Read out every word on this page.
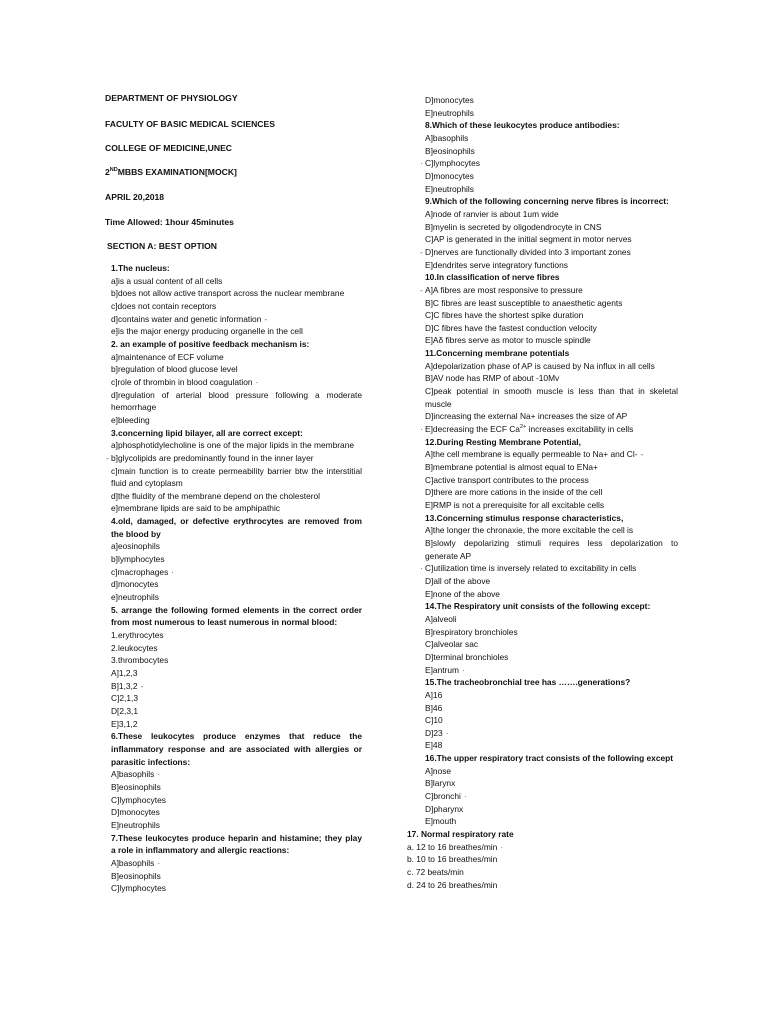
DEPARTMENT OF PHYSIOLOGY

FACULTY OF BASIC MEDICAL SCIENCES

COLLEGE OF MEDICINE,UNEC

2NDMBBS EXAMINATION[MOCK]

APRIL 20,2018

Time Allowed: 1hour 45minutes

SECTION A: BEST OPTION

1.The nucleus:
a]is a usual content of all cells
b]does not allow active transport across the nuclear membrane
c]does not contain receptors
d]contains water and genetic information -
e]is the major energy producing organelle in the cell
2. an example of positive feedback mechanism is:
a]maintenance of ECF volume
b]regulation of blood glucose level
c]role of thrombin in blood coagulation ·
d]regulation of arterial blood pressure following a moderate hemorrhage
e]bleeding
3.concerning lipid bilayer, all are correct except:
a]phosphotidylecholine is one of the major lipids in the membrane
- b]glycolipids are predominantly found in the inner layer
c]main function is to create permeability barrier btw the interstitial fluid and cytoplasm
d]the fluidity of the membrane depend on the cholesterol
e]membrane lipids are said to be amphipathic
4.old, damaged, or defective erythrocytes are removed from the blood by
a]eosinophils
b]lymphocytes
c]macrophages ·
d]monocytes
e]neutrophils
5. arrange the following formed elements in the correct order from most numerous to least numerous in normal blood:
1.erythrocytes
2.leukocytes
3.thrombocytes
A]1,2,3
B]1,3,2 -
C]2,1,3
D[2,3,1
E]3,1,2
6.These leukocytes produce enzymes that reduce the inflammatory response and are associated with allergies or parasitic infections:
A]basophils ·
B]eosinophils
C]lymphocytes
D]monocytes
E]neutrophils
7.These leukocytes produce heparin and histamine; they play a role in inflammatory and allergic reactions:
A]basophils ·
B]eosinophils
C]lymphocytes
D]monocytes
E]neutrophils
8.Which of these leukocytes produce antibodies:
A]basophils
B]eosinophils
· C]lymphocytes
D]monocytes
E]neutrophils
9.Which of the following concerning nerve fibres is incorrect:
A]node of ranvier is about 1um wide
B]myelin is secreted by oligodendrocyte in CNS
C]AP is generated in the initial segment in motor nerves
- D]nerves are functionally divided into 3 important zones
E]dendrites serve integratory functions
10.In classification of nerve fibres
- A]A fibres are most responsive to pressure
B]C fibres are least susceptible to anaesthetic agents
C]C fibres have the shortest spike duration
D]C fibres have the fastest conduction velocity
E]Aδ fibres serve as motor to muscle spindle
11.Concerning membrane potentials
A]depolarization phase of AP is caused by Na influx in all cells
B]AV node has RMP of about -10Mv
C]peak potential in smooth muscle is less than that in skeletal muscle
D]increasing the external Na+ increases the size of AP
· E]decreasing the ECF $Ca^{2+}$ increases excitability in cells
12.During Resting Membrane Potential,
A]the cell membrane is equally permeable to Na+ and Cl- -
B]membrane potential is almost equal to ENa+
C]active transport contributes to the process
D]there are more cations in the inside of the cell
E]RMP is not a prerequisite for all excitable cells
13.Concerning stimulus response characteristics,
A]the longer the chronaxie, the more excitable the cell is
B]slowly depolarizing stimuli requires less depolarization to generate AP
· C]utilization time is inversely related to excitability in cells
D]all of the above
E]none of the above
14.The Respiratory unit consists of the following except:
A]alveoli
B]respiratory bronchioles
C]alveolar sac
D]terminal bronchioles
E]antrum ·
15.The tracheobronchial tree has …….generations?
A]16
B]46
C]10
D]23 ·
E]48
16.The upper respiratory tract consists of the following except
A]nose
B]larynx
C]bronchi ·
D]pharynx
E]mouth
17. Normal respiratory rate
a. 12 to 16 breathes/min ·
b. 10 to 16 breathes/min
c. 72 beats/min
d. 24 to 26 breathes/min
